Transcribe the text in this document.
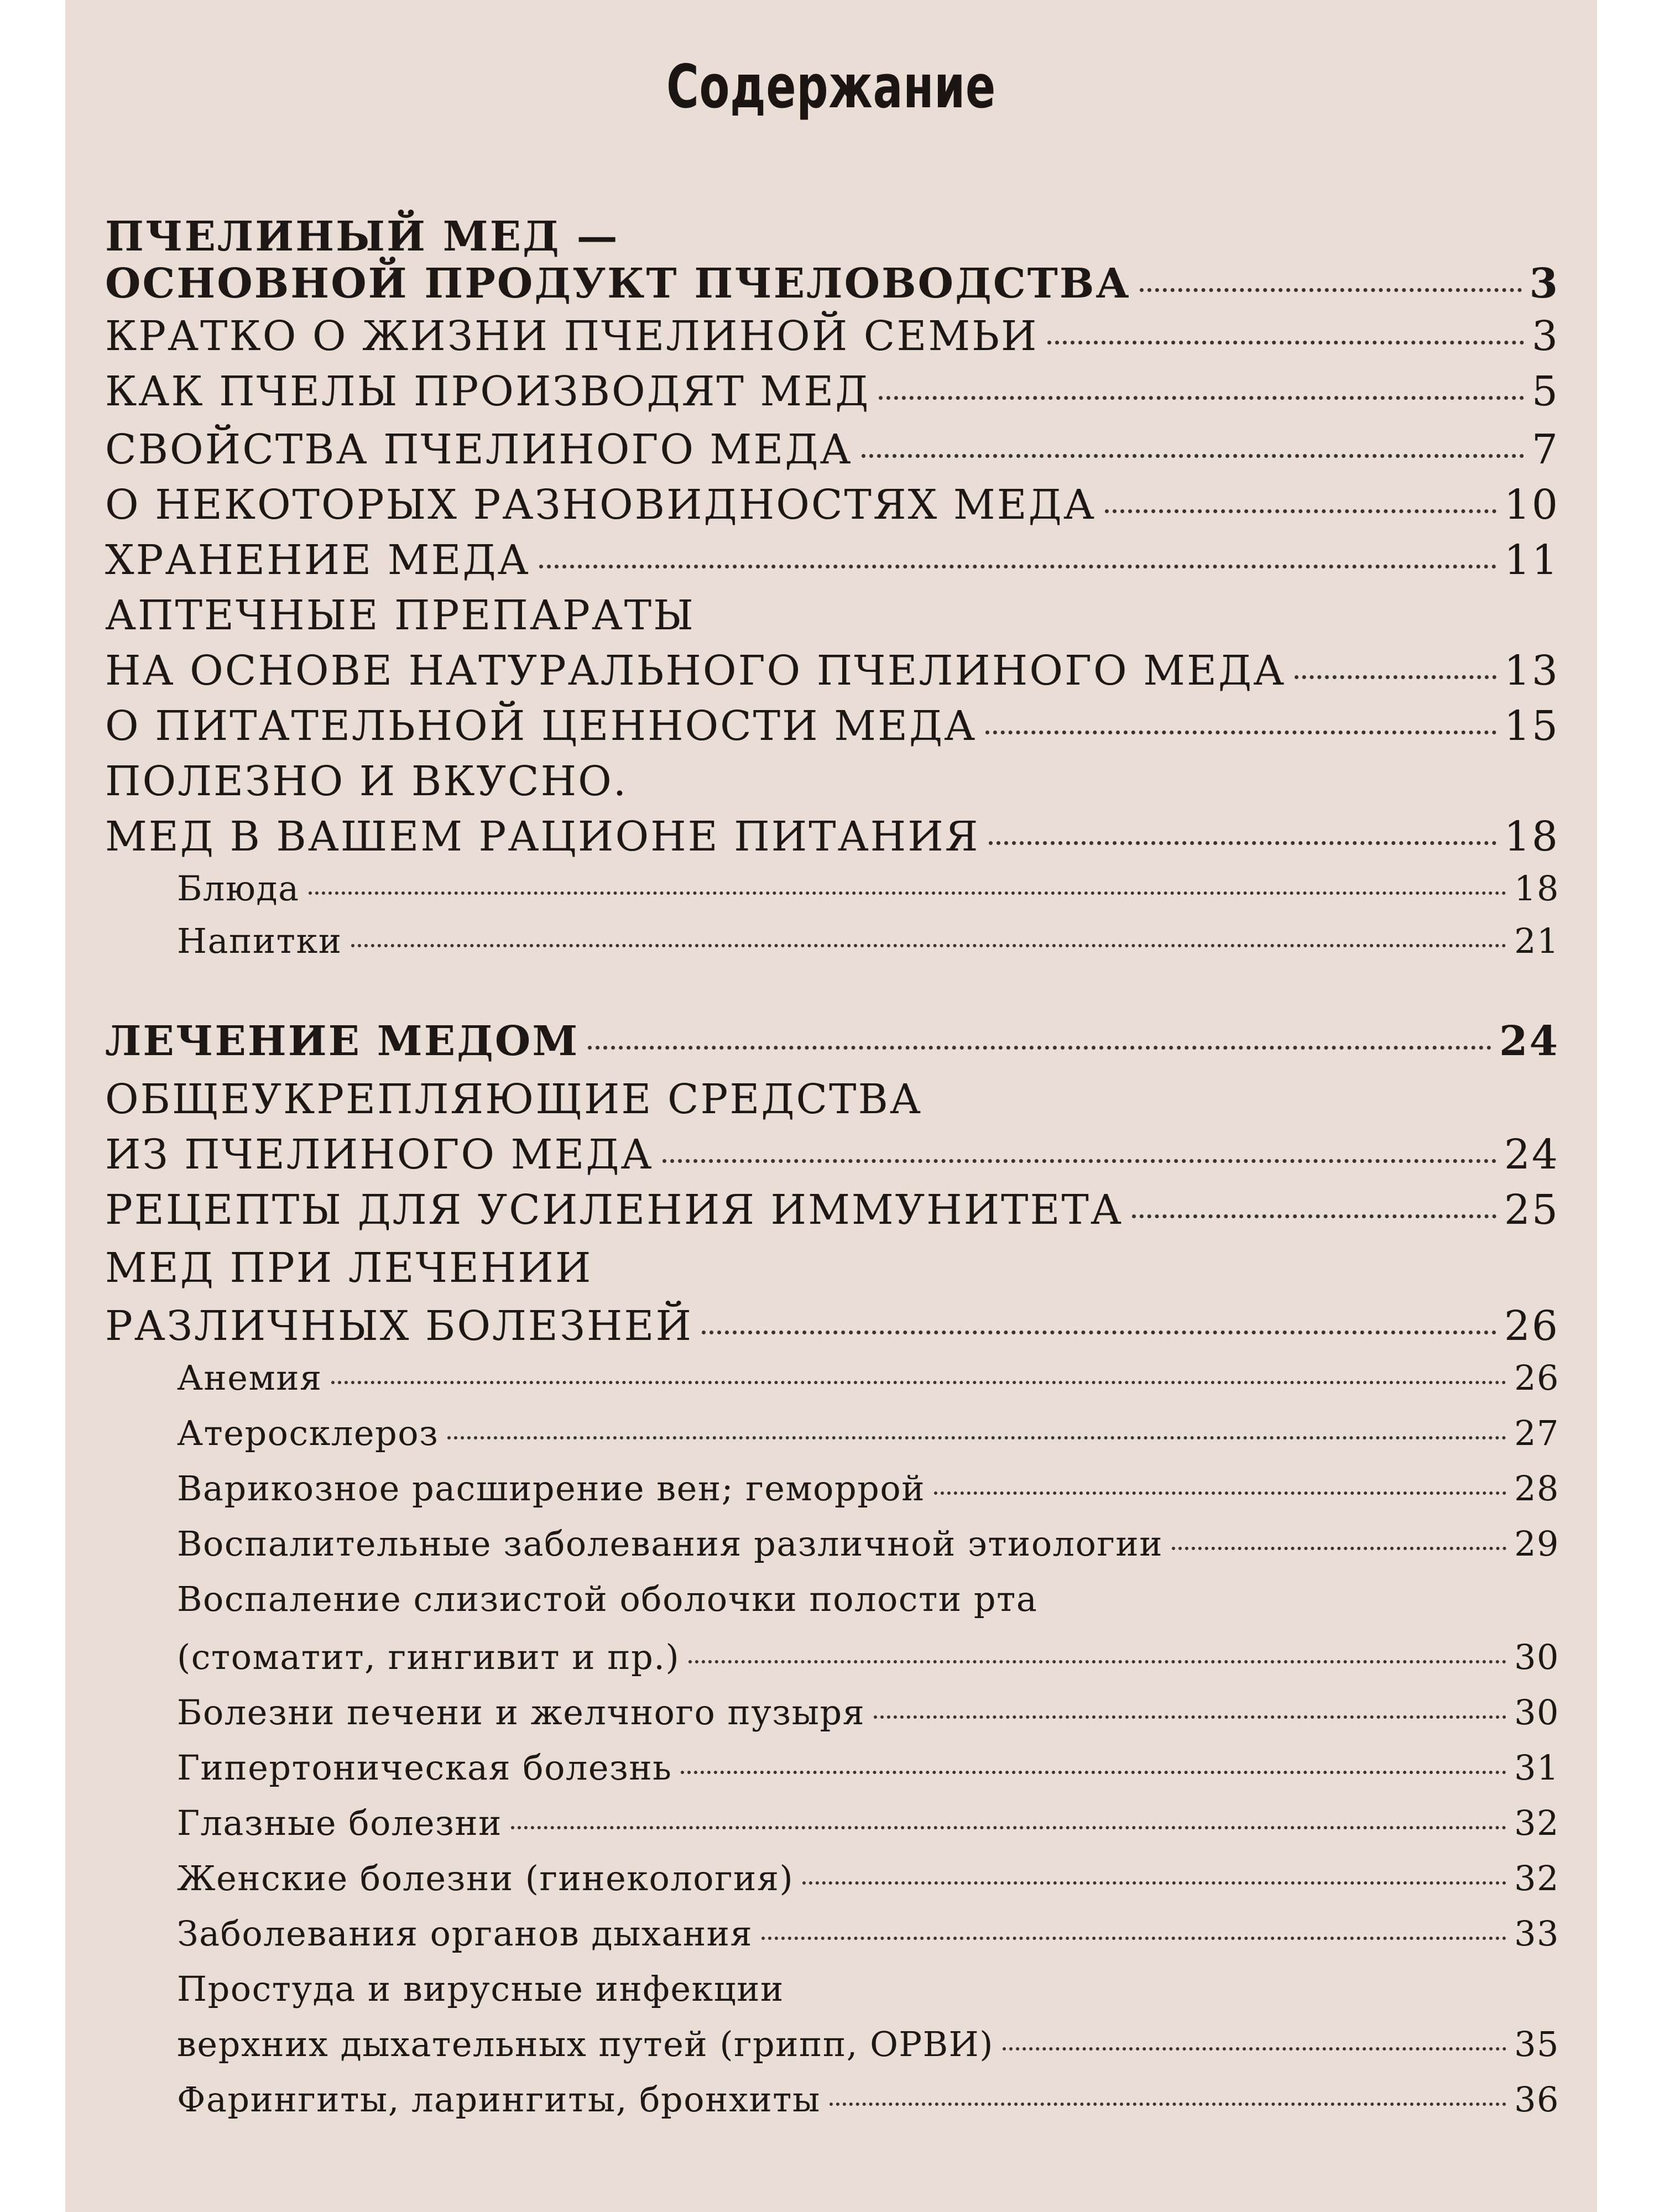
Содержание
ПЧЕЛИНЫЙ МЕД —
ОСНОВНОЙ ПРОДУКТ ПЧЕЛОВОДСТВА	3
КРАТКО О ЖИЗНИ ПЧЕЛИНОЙ СЕМЬИ	3
КАК ПЧЕЛЫ ПРОИЗВОДЯТ МЕД	5
СВОЙСТВА ПЧЕЛИНОГО МЕДА	7
О НЕКОТОРЫХ РАЗНОВИДНОСТЯХ МЕДА	10
ХРАНЕНИЕ МЕДА	11
АПТЕЧНЫЕ ПРЕПАРАТЫ
НА ОСНОВЕ НАТУРАЛЬНОГО ПЧЕЛИНОГО МЕДА	13
О ПИТАТЕЛЬНОЙ ЦЕННОСТИ МЕДА	15
ПОЛЕЗНО И ВКУСНО.
МЕД В ВАШЕМ РАЦИОНЕ ПИТАНИЯ	18
Блюда	18
Напитки	21
ЛЕЧЕНИЕ МЕДОМ	24
ОБЩЕУКРЕПЛЯЮЩИЕ СРЕДСТВА
ИЗ ПЧЕЛИНОГО МЕДА	24
РЕЦЕПТЫ ДЛЯ УСИЛЕНИЯ ИММУНИТЕТА	25
МЕД ПРИ ЛЕЧЕНИИ
РАЗЛИЧНЫХ БОЛЕЗНЕЙ	26
Анемия	26
Атеросклероз	27
Варикозное расширение вен; геморрой	28
Воспалительные заболевания различной этиологии	29
Воспаление слизистой оболочки полости рта
(стоматит, гингивит и пр.)	30
Болезни печени и желчного пузыря	30
Гипертоническая болезнь	31
Глазные болезни	32
Женские болезни (гинекология)	32
Заболевания органов дыхания	33
Простуда и вирусные инфекции
верхних дыхательных путей (грипп, ОРВИ)	35
Фарингиты, ларингиты, бронхиты	36
